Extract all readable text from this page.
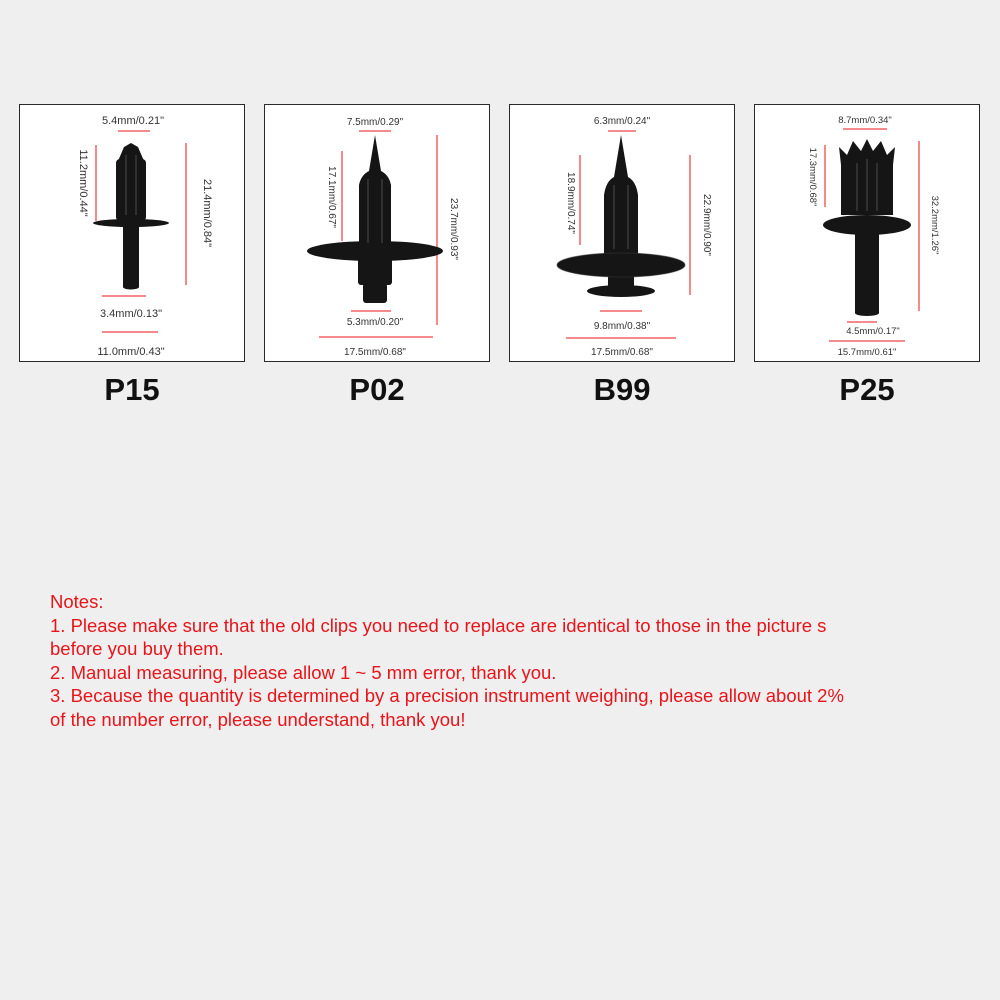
5.4mm/0.21"
11.2mm/0.44"	21.4mm/0.84"
3.4mm/0.13"
11.0mm/0.43"
P15
7.5mm/0.29"
17.1mm/0.67"
23.7mm/0.93"
5.3mm/0.20"
17.5mm/0.68"
P02
6.3mm/0.24"
18.9mm/0.74"	22.9mm/0.90"
9.8mm/0.38"
17.5mm/0.68"
B99
8.7mm/0.34"
17.3mm/0.68"
32.2mm/1.26"
4.5mm/0.17"
15.7mm/0.61"
P25
Notes:
1. Please make sure that the old clips you need to replace are identical to those in the picture s
before you buy them.
2. Manual measuring, please allow 1 ~ 5 mm error, thank you.
3. Because the quantity is determined by a precision instrument weighing, please allow about 2%
of the number error, please understand, thank you!
